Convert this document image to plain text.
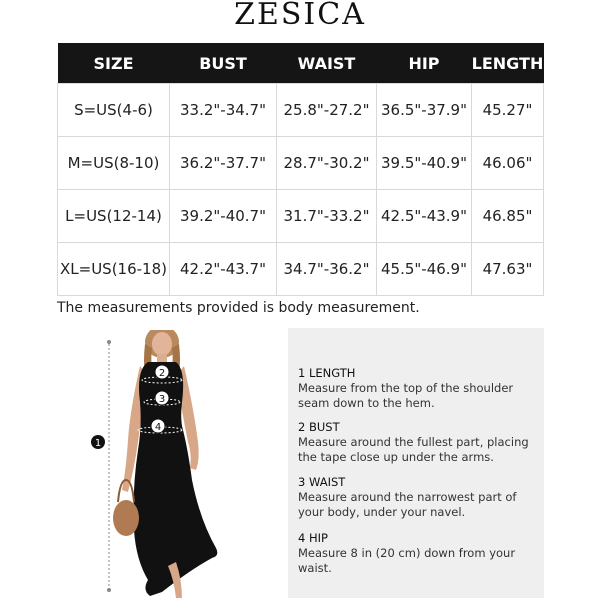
ZESICA
SIZE	BUST	WAIST	HIP	LENGTH
S=US(4-6)	33.2"-34.7"	25.8"-27.2"	36.5"-37.9"	45.27"
M=US(8-10)	36.2"-37.7"	28.7"-30.2"	39.5"-40.9"	46.06"
L=US(12-14)	39.2"-40.7"	31.7"-33.2"	42.5"-43.9"	46.85"
XL=US(16-18)	42.2"-43.7"	34.7"-36.2"	45.5"-46.9"	47.63"
The measurements provided is body measurement.
1
2
3
4
1 LENGTH
Measure from the top of the shoulder seam down to the hem.
2 BUST
Measure around the fullest part, placing the tape close up under the arms.
3 WAIST
Measure around the narrowest part of your body, under your navel.
4 HIP
Measure 8 in (20 cm) down from your waist.
